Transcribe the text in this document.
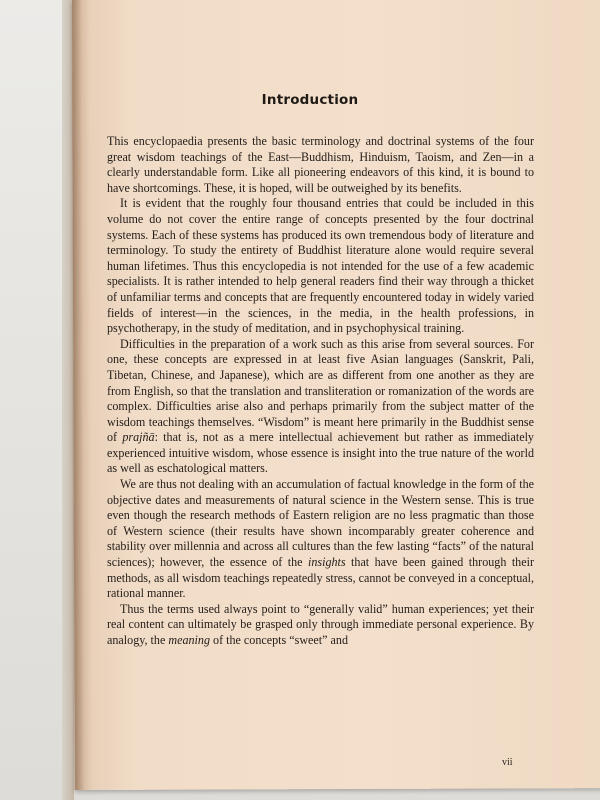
Introduction

This encyclopaedia presents the basic terminology and doctrinal systems of the four great wisdom teachings of the East—Buddhism, Hinduism, Taoism, and Zen—in a clearly understandable form. Like all pioneering endeavors of this kind, it is bound to have shortcomings. These, it is hoped, will be outweighed by its benefits.

It is evident that the roughly four thousand entries that could be included in this volume do not cover the entire range of concepts presented by the four doctrinal systems. Each of these systems has produced its own tremendous body of literature and terminology. To study the entirety of Buddhist literature alone would require several human lifetimes. Thus this encyclopedia is not intended for the use of a few academic specialists. It is rather intended to help general readers find their way through a thicket of unfamiliar terms and concepts that are frequently encountered today in widely varied fields of interest—in the sciences, in the media, in the health professions, in psychotherapy, in the study of meditation, and in psychophysical training.

Difficulties in the preparation of a work such as this arise from several sources. For one, these concepts are expressed in at least five Asian languages (Sanskrit, Pali, Tibetan, Chinese, and Japanese), which are as different from one another as they are from English, so that the translation and transliteration or romanization of the words are complex. Difficulties arise also and perhaps primarily from the subject matter of the wisdom teachings themselves. “Wisdom” is meant here primarily in the Buddhist sense of prajñā: that is, not as a mere intellectual achievement but rather as immediately experienced intuitive wisdom, whose essence is insight into the true nature of the world as well as eschatological matters.

We are thus not dealing with an accumulation of factual knowledge in the form of the objective dates and measurements of natural science in the Western sense. This is true even though the research methods of Eastern religion are no less pragmatic than those of Western science (their results have shown incomparably greater coherence and stability over millennia and across all cultures than the few lasting “facts” of the natural sciences); however, the essence of the insights that have been gained through their methods, as all wisdom teachings repeatedly stress, cannot be conveyed in a conceptual, rational manner.

Thus the terms used always point to “generally valid” human experiences; yet their real content can ultimately be grasped only through immediate personal experience. By analogy, the meaning of the concepts “sweet” and

vii
